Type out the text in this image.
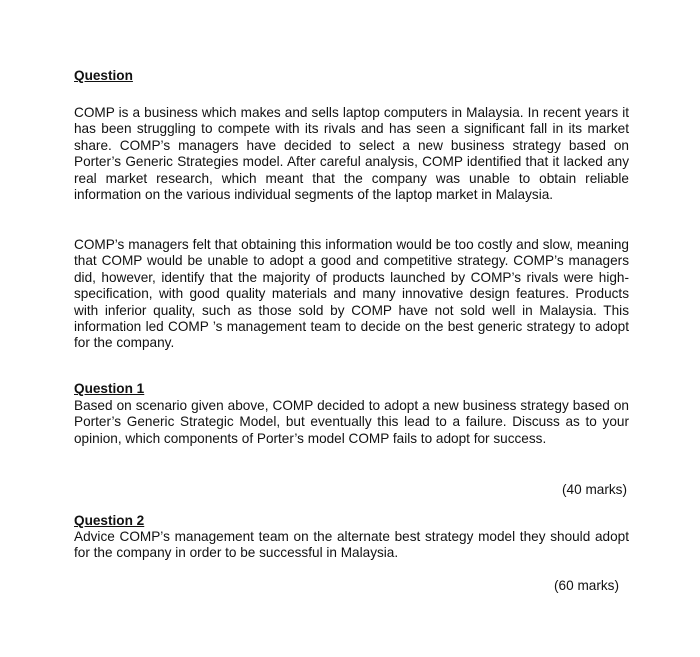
Question

COMP is a business which makes and sells laptop computers in Malaysia. In recent years it has been struggling to compete with its rivals and has seen a significant fall in its market share. COMP’s managers have decided to select a new business strategy based on Porter’s Generic Strategies model. After careful analysis, COMP identified that it lacked any real market research, which meant that the company was unable to obtain reliable information on the various individual segments of the laptop market in Malaysia.

COMP’s managers felt that obtaining this information would be too costly and slow, meaning that COMP would be unable to adopt a good and competitive strategy. COMP’s managers did, however, identify that the majority of products launched by COMP’s rivals were high-specification, with good quality materials and many innovative design features. Products with inferior quality, such as those sold by COMP have not sold well in Malaysia. This information led COMP ’s management team to decide on the best generic strategy to adopt for the company.

Question 1

Based on scenario given above, COMP decided to adopt a new business strategy based on Porter’s Generic Strategic Model, but eventually this lead to a failure. Discuss as to your opinion, which components of Porter’s model COMP fails to adopt for success.

(40 marks)

Question 2

Advice COMP’s management team on the alternate best strategy model they should adopt for the company in order to be successful in Malaysia.

(60 marks)
